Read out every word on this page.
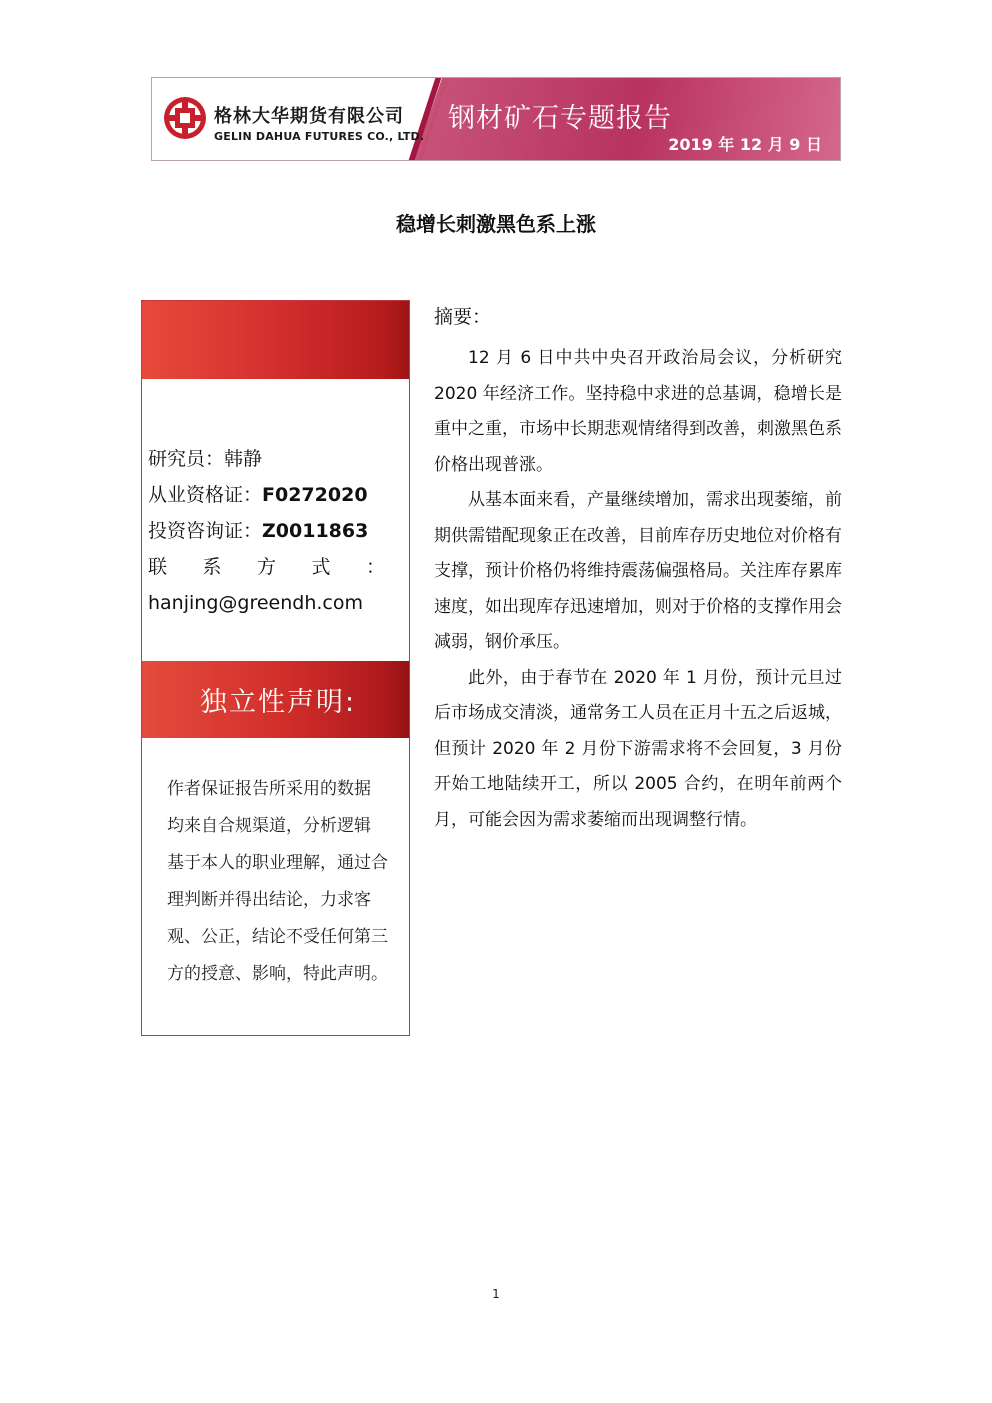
格林大华期货有限公司
GELIN DAHUA FUTURES CO., LTD.
钢材矿石专题报告
2019 年 12 月 9 日
稳增长刺激黑色系上涨
研究员：韩静
从业资格证：F0272020
投资咨询证：Z0011863
联 系 方 式 ：
hanjing@greendh.com
独立性声明:
作者保证报告所采用的数据
均来自合规渠道，分析逻辑
基于本人的职业理解，通过合
理判断并得出结论，力求客
观、公正，结论不受任何第三
方的授意、影响，特此声明。
摘要：

12 月 6 日中共中央召开政治局会议，分析研究 2020 年经济工作。坚持稳中求进的总基调，稳增长是重中之重，市场中长期悲观情绪得到改善，刺激黑色系价格出现普涨。

从基本面来看，产量继续增加，需求出现萎缩，前期供需错配现象正在改善，目前库存历史地位对价格有支撑，预计价格仍将维持震荡偏强格局。关注库存累库速度，如出现库存迅速增加，则对于价格的支撑作用会减弱，钢价承压。

此外，由于春节在 2020 年 1 月份，预计元旦过后市场成交清淡，通常务工人员在正月十五之后返城，但预计 2020 年 2 月份下游需求将不会回复，3 月份开始工地陆续开工，所以 2005 合约，在明年前两个月，可能会因为需求萎缩而出现调整行情。

1
